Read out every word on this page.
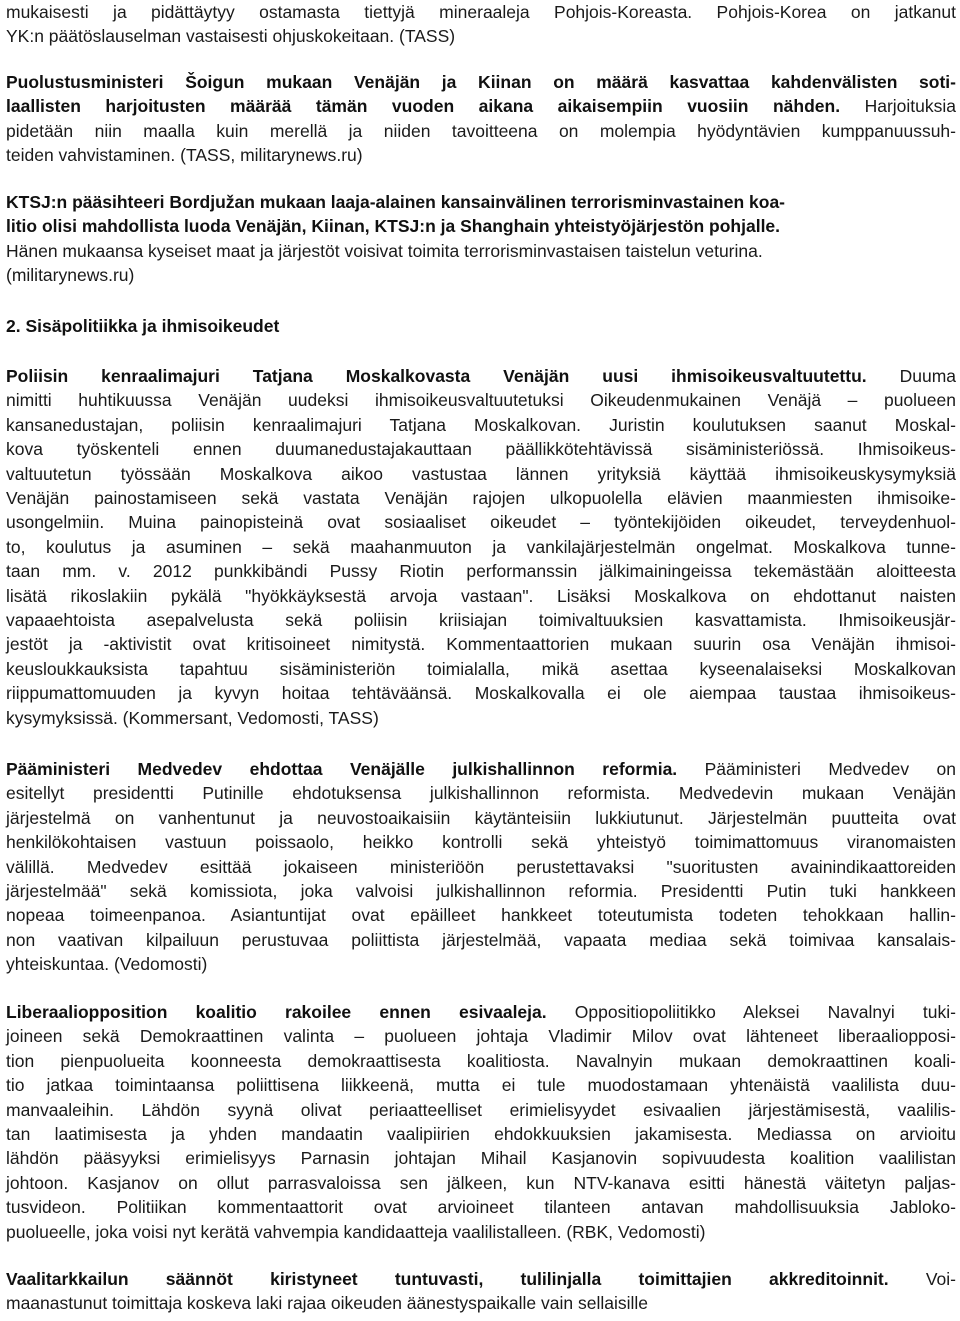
mukaisesti ja pidättäytyy ostamasta tiettyjä mineraaleja Pohjois-Koreasta. Pohjois-Korea on jatkanut
YK:n päätöslauselman vastaisesti ohjuskokeitaan. (TASS)
Puolustusministeri Šoigun mukaan Venäjän ja Kiinan on määrä kasvattaa kahdenvälisten soti-
laallisten harjoitusten määrää tämän vuoden aikana aikaisempiin vuosiin nähden. Harjoituksia
pidetään niin maalla kuin merellä ja niiden tavoitteena on molempia hyödyntävien kumppanuussuh-
teiden vahvistaminen. (TASS, militarynews.ru)
KTSJ:n pääsihteeri Bordjužan mukaan laaja-alainen kansainvälinen terrorisminvastainen koa-
litio olisi mahdollista luoda Venäjän, Kiinan, KTSJ:n ja Shanghain yhteistyöjärjestön pohjalle.
Hänen mukaansa kyseiset maat ja järjestöt voisivat toimita terrorisminvastaisen taistelun veturina.
(militarynews.ru)
2. Sisäpolitiikka ja ihmisoikeudet
Poliisin kenraalimajuri Tatjana Moskalkovasta Venäjän uusi ihmisoikeusvaltuutettu. Duuma
nimitti huhtikuussa Venäjän uudeksi ihmisoikeusvaltuutetuksi Oikeudenmukainen Venäjä – puolueen
kansanedustajan, poliisin kenraalimajuri Tatjana Moskalkovan. Juristin koulutuksen saanut Moskal-
kova työskenteli ennen duumanedustajakauttaan päällikkötehtävissä sisäministeriössä. Ihmisoikeus-
valtuutetun työssään Moskalkova aikoo vastustaa lännen yrityksiä käyttää ihmisoikeuskysymyksiä
Venäjän painostamiseen sekä vastata Venäjän rajojen ulkopuolella elävien maanmiesten ihmisoike-
usongelmiin. Muina painopisteinä ovat sosiaaliset oikeudet – työntekijöiden oikeudet, terveydenhuol-
to, koulutus ja asuminen – sekä maahanmuuton ja vankilajärjestelmän ongelmat. Moskalkova tunne-
taan mm. v. 2012 punkkibändi Pussy Riotin performanssin jälkimainingeissa tekemästään aloitteesta
lisätä rikoslakiin pykälä "hyökkäyksestä arvoja vastaan". Lisäksi Moskalkova on ehdottanut naisten
vapaaehtoista asepalvelusta sekä poliisin kriisiajan toimivaltuuksien kasvattamista. Ihmisoikeusjär-
jestöt ja -aktivistit ovat kritisoineet nimitystä. Kommentaattorien mukaan suurin osa Venäjän ihmisoi-
keusloukkauksista tapahtuu sisäministeriön toimialalla, mikä asettaa kyseenalaiseksi Moskalkovan
riippumattomuuden ja kyvyn hoitaa tehtäväänsä. Moskalkovalla ei ole aiempaa taustaa ihmisoikeus-
kysymyksissä. (Kommersant, Vedomosti, TASS)
Pääministeri Medvedev ehdottaa Venäjälle julkishallinnon reformia. Pääministeri Medvedev on
esitellyt presidentti Putinille ehdotuksensa julkishallinnon reformista. Medvedevin mukaan Venäjän
järjestelmä on vanhentunut ja neuvostoaikaisiin käytänteisiin lukkiutunut. Järjestelmän puutteita ovat
henkilökohtaisen vastuun poissaolo, heikko kontrolli sekä yhteistyö toimimattomuus viranomaisten
välillä. Medvedev esittää jokaiseen ministeriöön perustettavaksi "suoritusten avainindikaattoreiden
järjestelmää" sekä komissiota, joka valvoisi julkishallinnon reformia. Presidentti Putin tuki hankkeen
nopeaa toimeenpanoa. Asiantuntijat ovat epäilleet hankkeet toteutumista todeten tehokkaan hallin-
non vaativan kilpailuun perustuvaa poliittista järjestelmää, vapaata mediaa sekä toimivaa kansalais-
yhteiskuntaa. (Vedomosti)
Liberaaliopposition koalitio rakoilee ennen esivaaleja. Oppositiopoliitikko Aleksei Navalnyi tuki-
joineen sekä Demokraattinen valinta – puolueen johtaja Vladimir Milov ovat lähteneet liberaaliopposi-
tion pienpuolueita koonneesta demokraattisesta koalitiosta. Navalnyin mukaan demokraattinen koali-
tio jatkaa toimintaansa poliittisena liikkeenä, mutta ei tule muodostamaan yhtenäistä vaalilista duu-
manvaaleihin. Lähdön syynä olivat periaatteelliset erimielisyydet esivaalien järjestämisestä, vaalilis-
tan laatimisesta ja yhden mandaatin vaalipiirien ehdokkuuksien jakamisesta. Mediassa on arvioitu
lähdön pääsyyksi erimielisyys Parnasin johtajan Mihail Kasjanovin sopivuudesta koalition vaalilistan
johtoon. Kasjanov on ollut parrasvaloissa sen jälkeen, kun NTV-kanava esitti hänestä väitetyn paljas-
tusvideon. Politiikan kommentaattorit ovat arvioineet tilanteen antavan mahdollisuuksia Jabloko-
puolueelle, joka voisi nyt kerätä vahvempia kandidaatteja vaalilistalleen. (RBK, Vedomosti)
Vaalitarkkailun säännöt kiristyneet tuntuvasti, tulilinjalla toimittajien akkreditoinnit. Voi-
maanastunut toimittaja koskeva laki rajaa oikeuden äänestyspaikalle vain sellaisille
